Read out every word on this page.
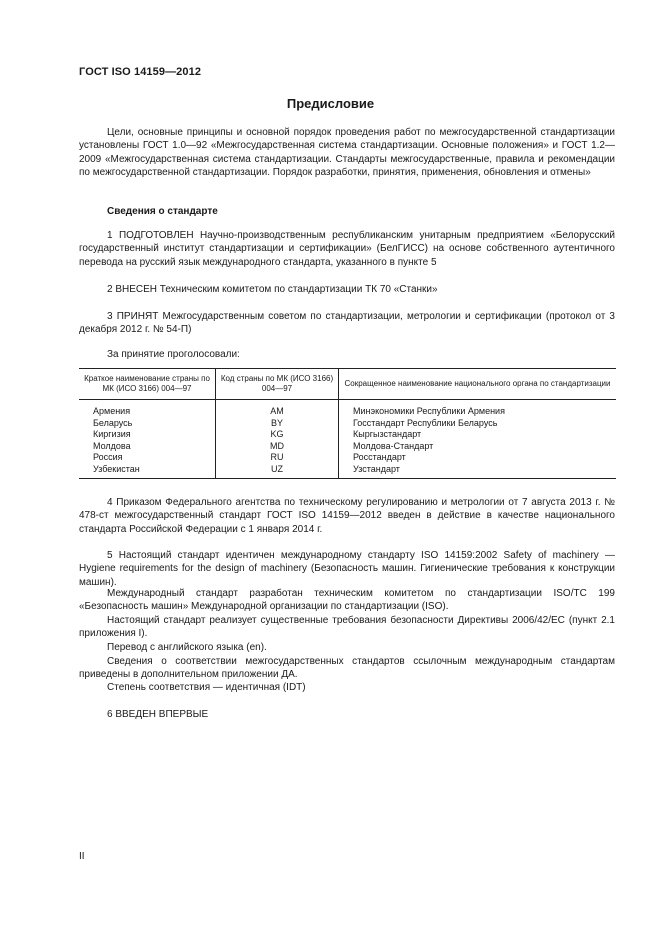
ГОСТ ISO 14159—2012
Предисловие

Цели, основные принципы и основной порядок проведения работ по межгосударственной стандартизации установлены ГОСТ 1.0—92 «Межгосударственная система стандартизации. Основные положения» и ГОСТ 1.2—2009 «Межгосударственная система стандартизации. Стандарты межгосударственные, правила и рекомендации по межгосударственной стандартизации. Порядок разработки, принятия, применения, обновления и отмены»

Сведения о стандарте

1 ПОДГОТОВЛЕН Научно-производственным республиканским унитарным предприятием «Белорусский государственный институт стандартизации и сертификации» (БелГИСС) на основе собственного аутентичного перевода на русский язык международного стандарта, указанного в пункте 5

2 ВНЕСЕН Техническим комитетом по стандартизации ТК 70 «Станки»

3 ПРИНЯТ Межгосударственным советом по стандартизации, метрологии и сертификации (протокол от 3 декабря 2012 г. № 54-П)

За принятие проголосовали:
Краткое наименование страны по МК (ИСО 3166) 004—97	Код страны по МК (ИСО 3166) 004—97	Сокращенное наименование национального органа по стандартизации
Армения	AM	Минэкономики Республики Армения
Беларусь	BY	Госстандарт Республики Беларусь
Киргизия	KG	Кыргызстандарт
Молдова	MD	Молдова-Стандарт
Россия	RU	Росстандарт
Узбекистан	UZ	Узстандарт

4 Приказом Федерального агентства по техническому регулированию и метрологии от 7 августа 2013 г. № 478-ст межгосударственный стандарт ГОСТ ISO 14159—2012 введен в действие в качестве национального стандарта Российской Федерации с 1 января 2014 г.

5 Настоящий стандарт идентичен международному стандарту ISO 14159:2002 Safety of machinery — Hygiene requirements for the design of machinery (Безопасность машин. Гигиенические требования к конструкции машин).

Международный стандарт разработан техническим комитетом по стандартизации ISO/TC 199 «Безопасность машин» Международной организации по стандартизации (ISO).

Настоящий стандарт реализует существенные требования безопасности Директивы 2006/42/EC (пункт 2.1 приложения I).

Перевод с английского языка (en).

Сведения о соответствии межгосударственных стандартов ссылочным международным стандартам приведены в дополнительном приложении ДА.

Степень соответствия — идентичная (IDT)

6 ВВЕДЕН ВПЕРВЫЕ

II
